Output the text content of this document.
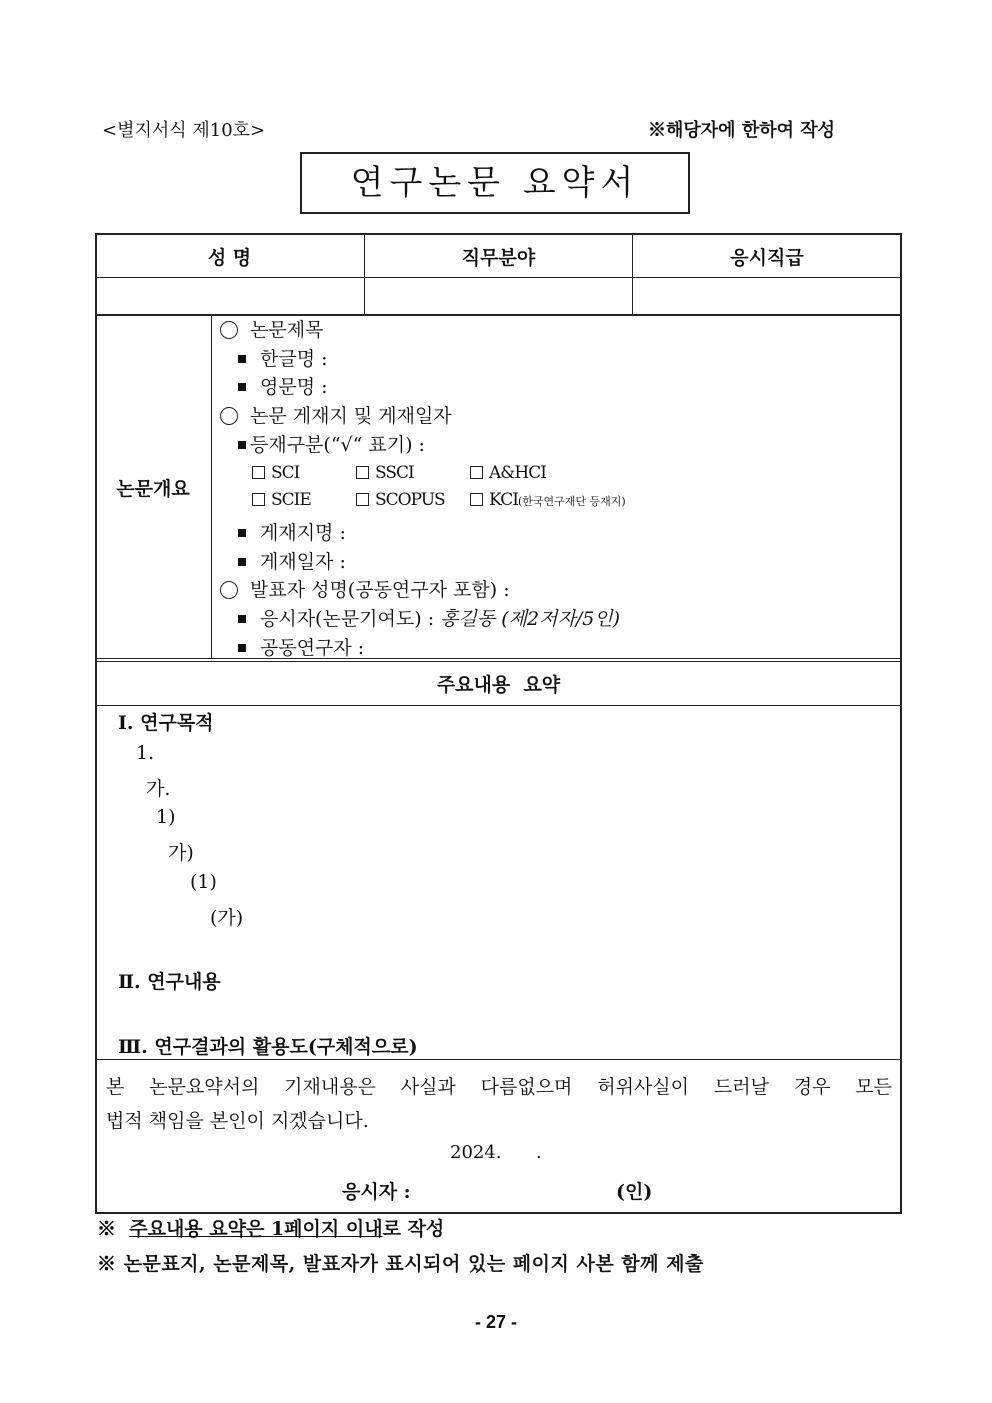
<별지서식 제10호>	※해당자에 한하여 작성
연구논문 요약서
성 명	직무분야	응시직급
논문개요
논문제목
한글명 :
영문명 :
논문 게재지 및 게재일자
등재구분(“√“ 표기) :
SCI	SSCI	A&HCI
SCIE	SCOPUS	KCI(한국연구재단 등재지)
게재지명 :
게재일자 :
발표자 성명(공동연구자 포함) :
응시자(논문기여도) : 홍길동 (제2저자/5인)
공동연구자 :
주요내용  요약
Ⅰ. 연구목적
1.
가.
1)
가)
(1)
(가)
Ⅱ. 연구내용
Ⅲ. 연구결과의 활용도(구체적으로)
본 논문요약서의 기재내용은 사실과 다름없으며 허위사실이 드러날 경우 모든
법적 책임을 본인이 지겠습니다.
2024.      .
응시자 :	(인)
※ 주요내용 요약은 1페이지 이내로 작성
※ 논문표지, 논문제목, 발표자가 표시되어 있는 페이지 사본 함께 제출
- 27 -
